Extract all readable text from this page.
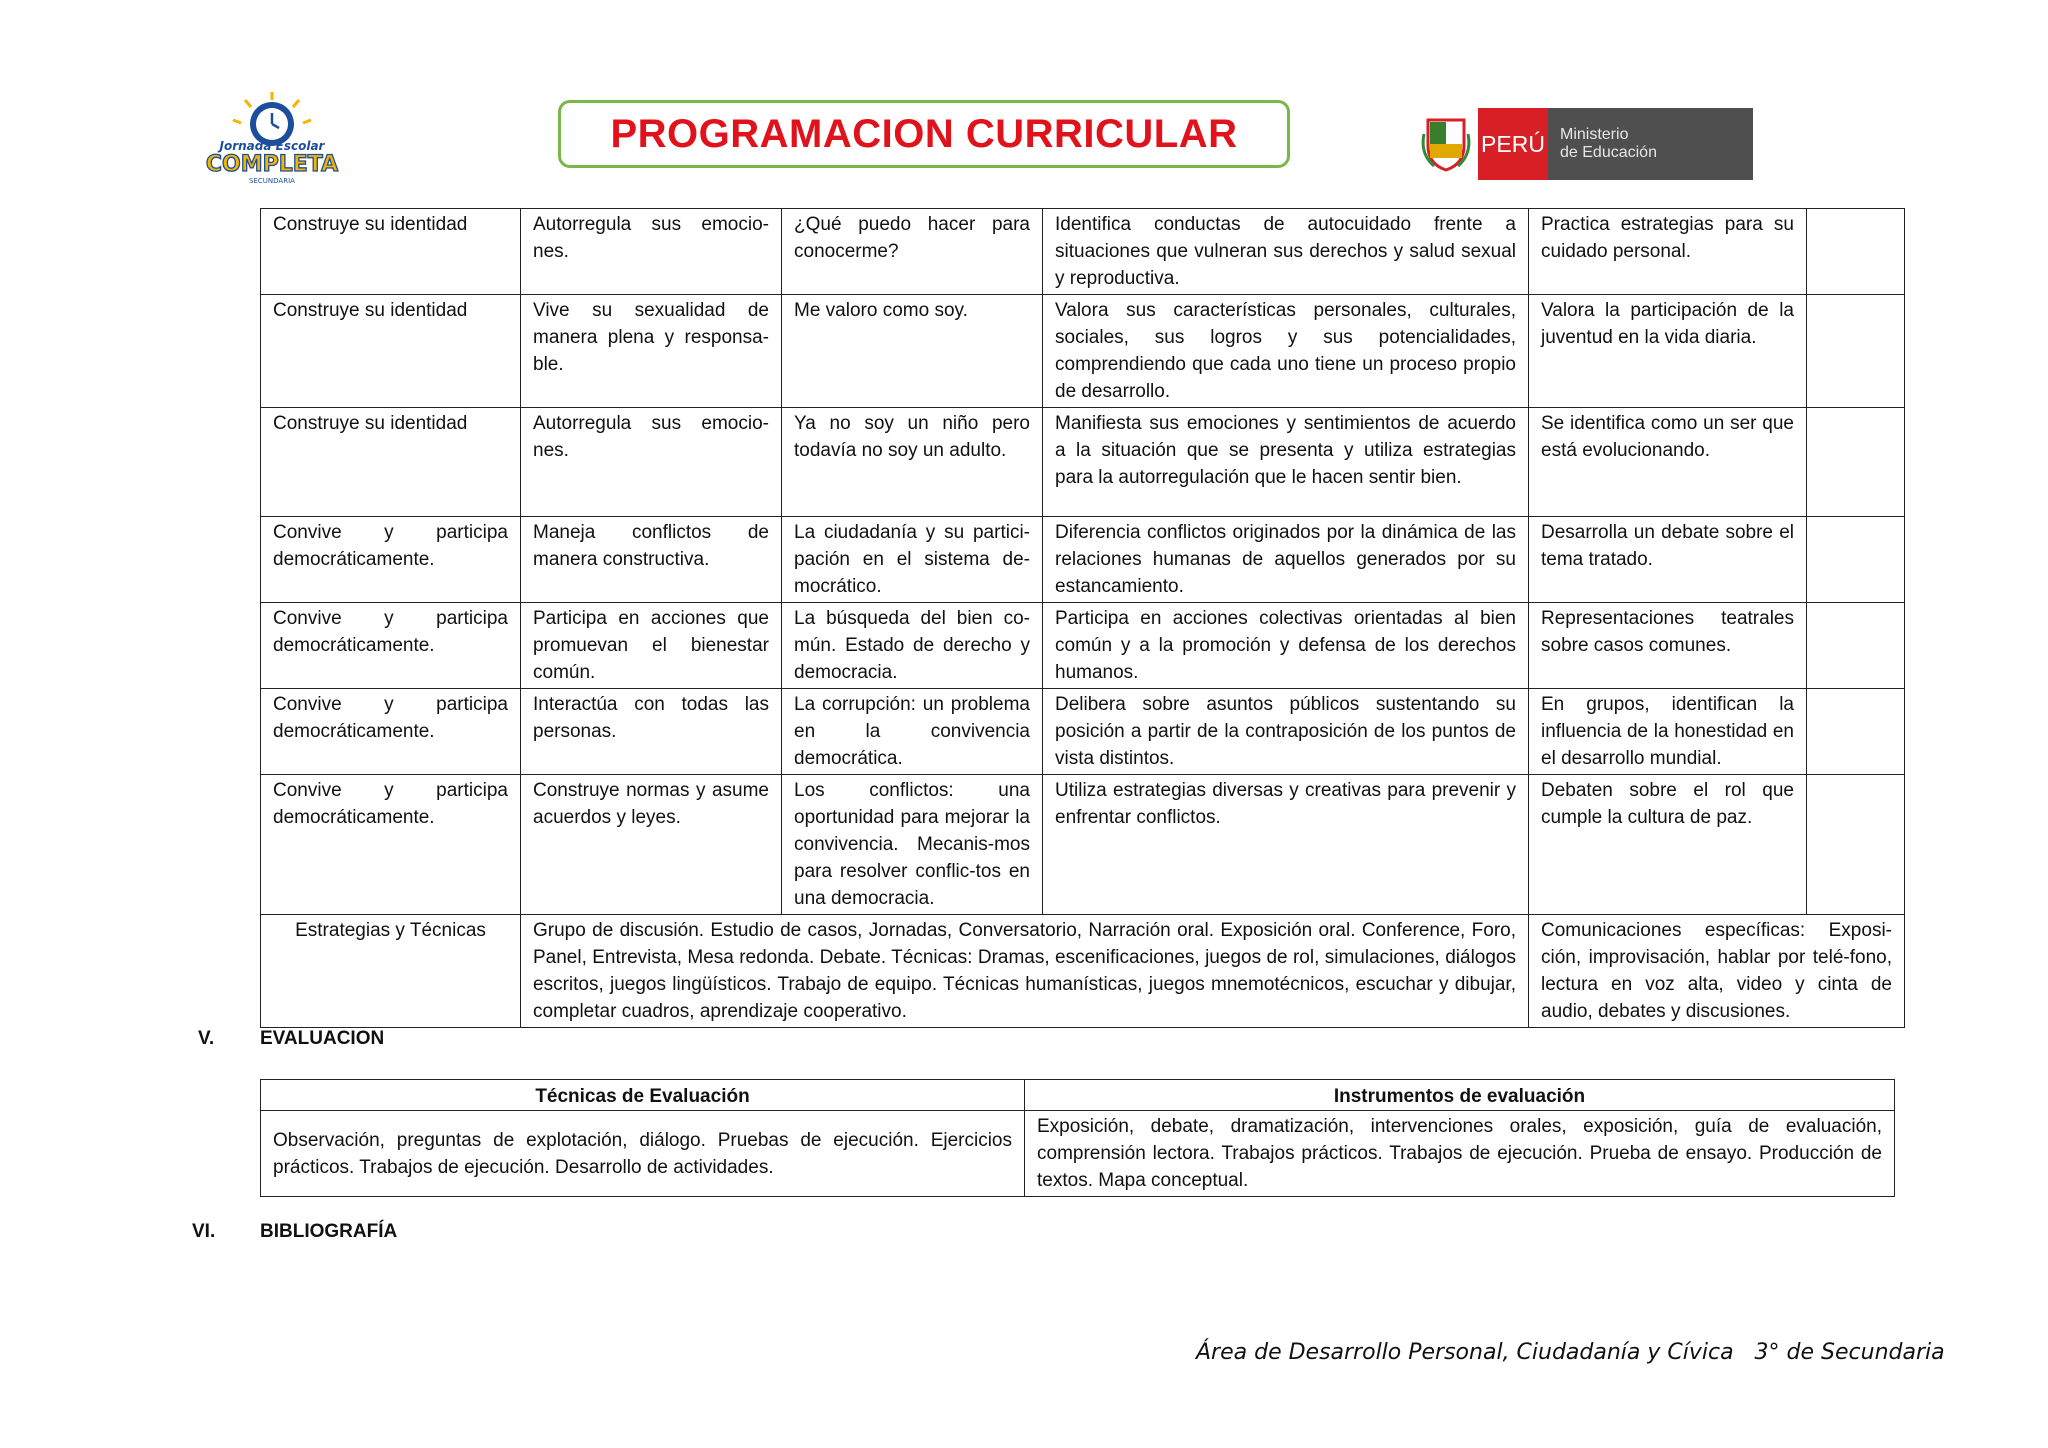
Jornada Escolar
COMPLETA
SECUNDARIA
PROGRAMACION CURRICULAR	PERÚ Ministerio
de Educación
Construye su identidad	Autorregula sus emocio-nes.	¿Qué puedo hacer para conocerme?	Identifica conductas de autocuidado frente a situaciones que vulneran sus derechos y salud sexual y reproductiva.	Practica estrategias para su cuidado personal.	
Construye su identidad	Vive su sexualidad de manera plena y responsa-ble.	Me valoro como soy.	Valora sus características personales, culturales, sociales, sus logros y sus potencialidades, comprendiendo que cada uno tiene un proceso propio de desarrollo.	Valora la participación de la juventud en la vida diaria.	
Construye su identidad	Autorregula sus emocio-nes.	Ya no soy un niño pero todavía no soy un adulto.	Manifiesta sus emociones y sentimientos de acuerdo a la situación que se presenta y utiliza estrategias para la autorregulación que le hacen sentir bien.	Se identifica como un ser que está evolucionando.	
Convive y participa democráticamente.	Maneja conflictos de manera constructiva.	La ciudadanía y su partici-pación en el sistema de-mocrático.	Diferencia conflictos originados por la dinámica de las relaciones humanas de aquellos generados por su estancamiento.	Desarrolla un debate sobre el tema tratado.	
Convive y participa democráticamente.	Participa en acciones que promuevan el bienestar común.	La búsqueda del bien co-mún. Estado de derecho y democracia.	Participa en acciones colectivas orientadas al bien común y a la promoción y defensa de los derechos humanos.	Representaciones teatrales sobre casos comunes.	
Convive y participa democráticamente.	Interactúa con todas las personas.	La corrupción: un problema en la convivencia democrática.	Delibera sobre asuntos públicos sustentando su posición a partir de la contraposición de los puntos de vista distintos.	En grupos, identifican la influencia de la honestidad en el desarrollo mundial.	
Convive y participa democráticamente.	Construye normas y asume acuerdos y leyes.	Los conflictos: una oportunidad para mejorar la convivencia. Mecanis-mos para resolver conflic-tos en una democracia.	Utiliza estrategias diversas y creativas para prevenir y enfrentar conflictos.	Debaten sobre el rol que cumple la cultura de paz.	
Estrategias y Técnicas	Grupo de discusión. Estudio de casos, Jornadas, Conversatorio, Narración oral. Exposición oral. Conference, Foro, Panel, Entrevista, Mesa redonda. Debate. Técnicas: Dramas, escenificaciones, juegos de rol, simulaciones, diálogos escritos, juegos lingüísticos. Trabajo de equipo. Técnicas humanísticas, juegos mnemotécnicos, escuchar y dibujar, completar cuadros, aprendizaje cooperativo.			Comunicaciones específicas: Exposi-ción, improvisación, hablar por telé-fono, lectura en voz alta, video y cinta de audio, debates y discusiones.	
V. EVALUACION
Técnicas de Evaluación	Instrumentos de evaluación
Observación, preguntas de explotación, diálogo. Pruebas de ejecución. Ejercicios prácticos. Trabajos de ejecución. Desarrollo de actividades.	Exposición, debate, dramatización, intervenciones orales, exposición, guía de evaluación, comprensión lectora. Trabajos prácticos. Trabajos de ejecución. Prueba de ensayo. Producción de textos. Mapa conceptual.
VI. BIBLIOGRAFÍA
Área de Desarrollo Personal, Ciudadanía y Cívica   3° de Secundaria
